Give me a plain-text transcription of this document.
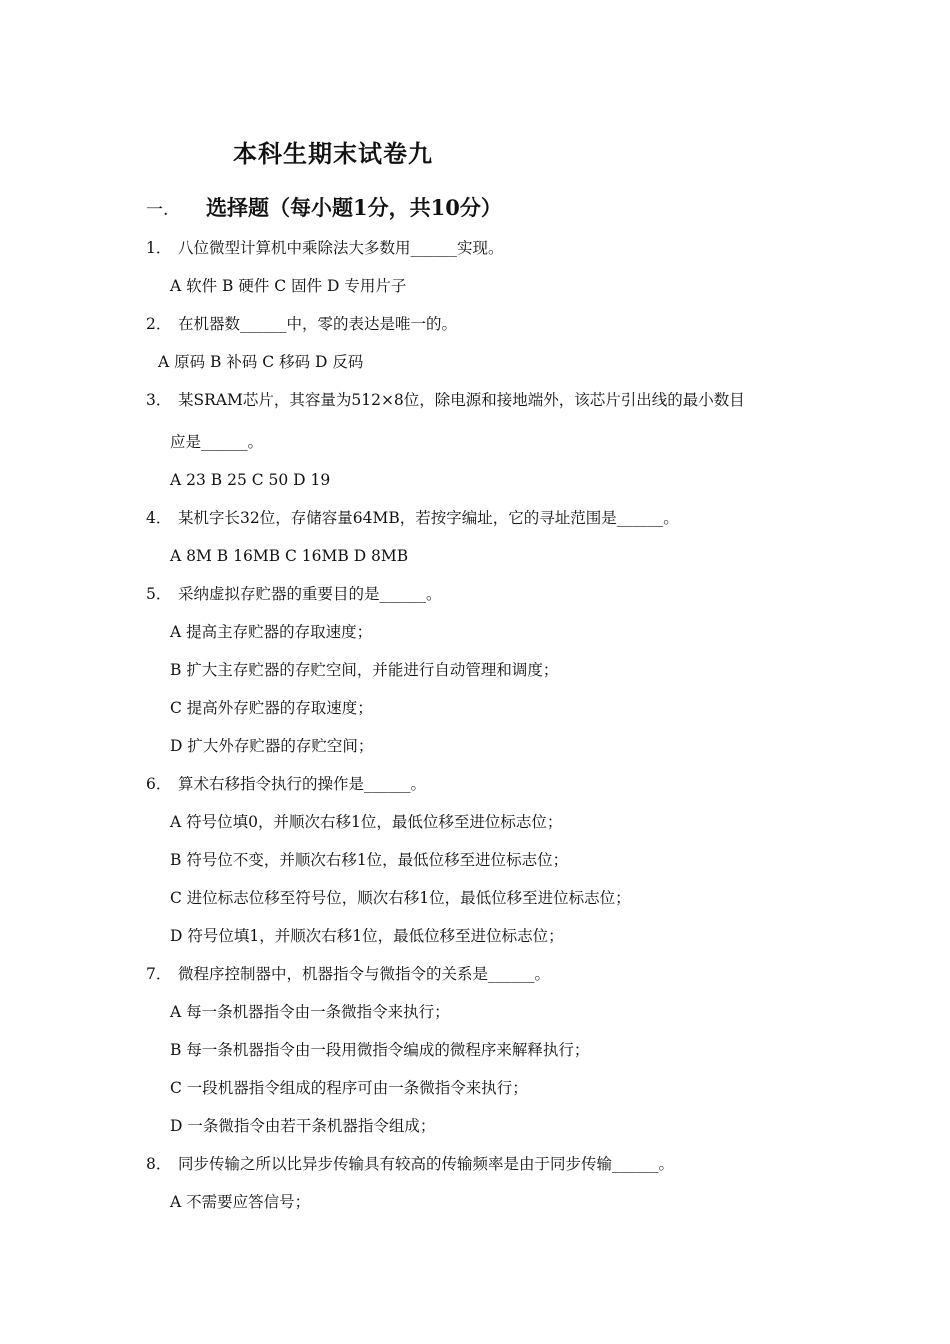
本科生期末试卷九
一. 选择题（每小题1分，共10分）
1． 八位微型计算机中乘除法大多数用______实现。
A 软件 B 硬件 C 固件 D 专用片子
2． 在机器数______中，零的表达是唯一的。
A 原码 B 补码 C 移码 D 反码
3． 某SRAM芯片，其容量为512×8位，除电源和接地端外，该芯片引出线的最小数目
应是______。
A 23 B 25 C 50 D 19
4． 某机字长32位，存储容量64MB，若按字编址，它的寻址范围是______。
A 8M B 16MB C 16MB D 8MB
5． 采纳虚拟存贮器的重要目的是______。
A 提高主存贮器的存取速度；
B 扩大主存贮器的存贮空间，并能进行自动管理和调度；
C 提高外存贮器的存取速度；
D 扩大外存贮器的存贮空间；
6． 算术右移指令执行的操作是______。
A 符号位填0，并顺次右移1位，最低位移至进位标志位；
B 符号位不变，并顺次右移1位，最低位移至进位标志位；
C 进位标志位移至符号位，顺次右移1位，最低位移至进位标志位；
D 符号位填1，并顺次右移1位，最低位移至进位标志位；
7． 微程序控制器中，机器指令与微指令的关系是______。
A 每一条机器指令由一条微指令来执行；
B 每一条机器指令由一段用微指令编成的微程序来解释执行；
C 一段机器指令组成的程序可由一条微指令来执行；
D 一条微指令由若干条机器指令组成；
8． 同步传输之所以比异步传输具有较高的传输频率是由于同步传输______。
A 不需要应答信号；
